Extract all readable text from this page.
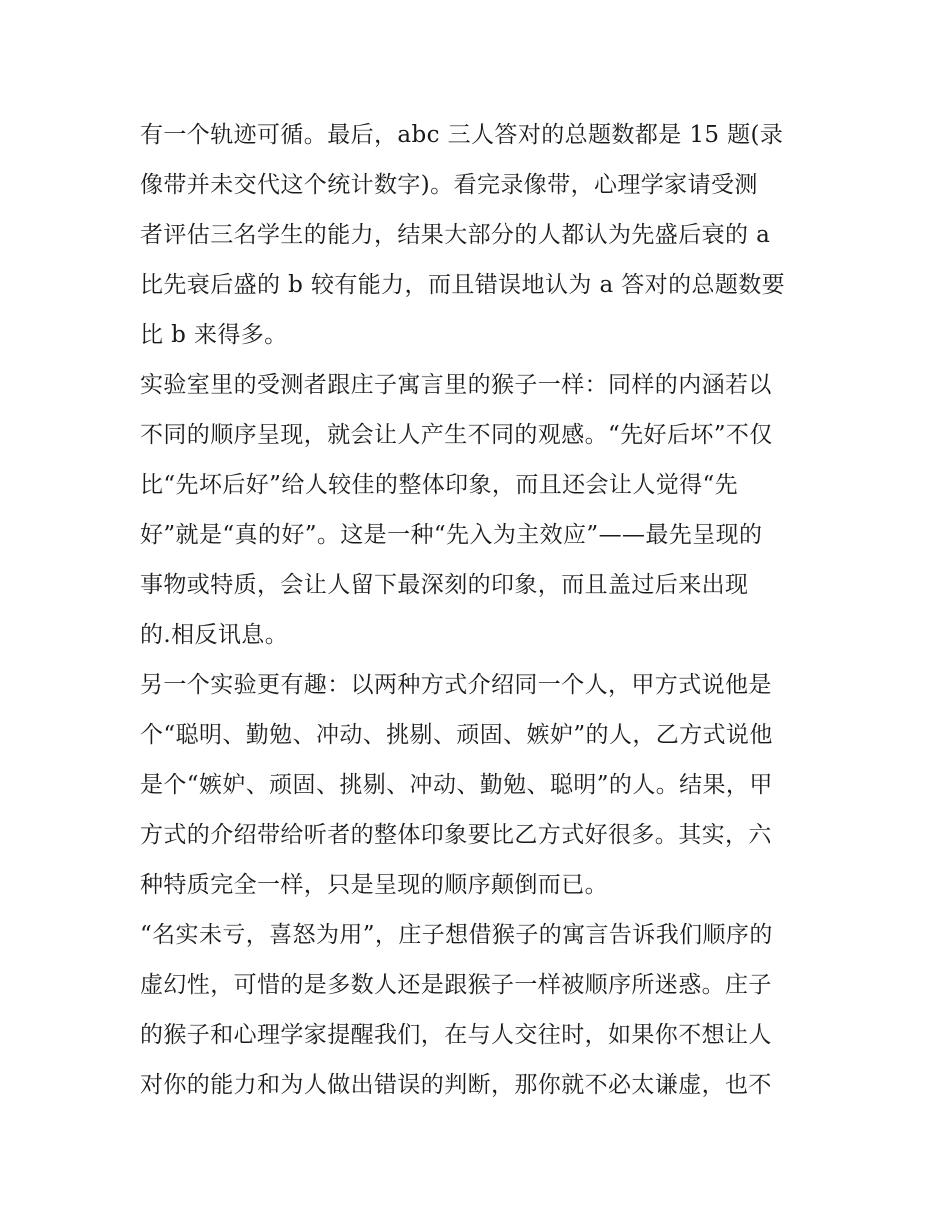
有一个轨迹可循。最后，abc 三人答对的总题数都是 15 题(录
像带并未交代这个统计数字)。看完录像带，心理学家请受测
者评估三名学生的能力，结果大部分的人都认为先盛后衰的 a
比先衰后盛的 b 较有能力，而且错误地认为 a 答对的总题数要
比 b 来得多。
实验室里的受测者跟庄子寓言里的猴子一样：同样的内涵若以
不同的顺序呈现，就会让人产生不同的观感。“先好后坏”不仅
比“先坏后好”给人较佳的整体印象，而且还会让人觉得“先
好”就是“真的好”。这是一种“先入为主效应”——最先呈现的
事物或特质，会让人留下最深刻的印象，而且盖过后来出现
的.相反讯息。
另一个实验更有趣：以两种方式介绍同一个人，甲方式说他是
个“聪明、勤勉、冲动、挑剔、顽固、嫉妒”的人，乙方式说他
是个“嫉妒、顽固、挑剔、冲动、勤勉、聪明”的人。结果，甲
方式的介绍带给听者的整体印象要比乙方式好很多。其实，六
种特质完全一样，只是呈现的顺序颠倒而已。
“名实未亏，喜怒为用”，庄子想借猴子的寓言告诉我们顺序的
虚幻性，可惜的是多数人还是跟猴子一样被顺序所迷惑。庄子
的猴子和心理学家提醒我们，在与人交往时，如果你不想让人
对你的能力和为人做出错误的判断，那你就不必太谦虚，也不
